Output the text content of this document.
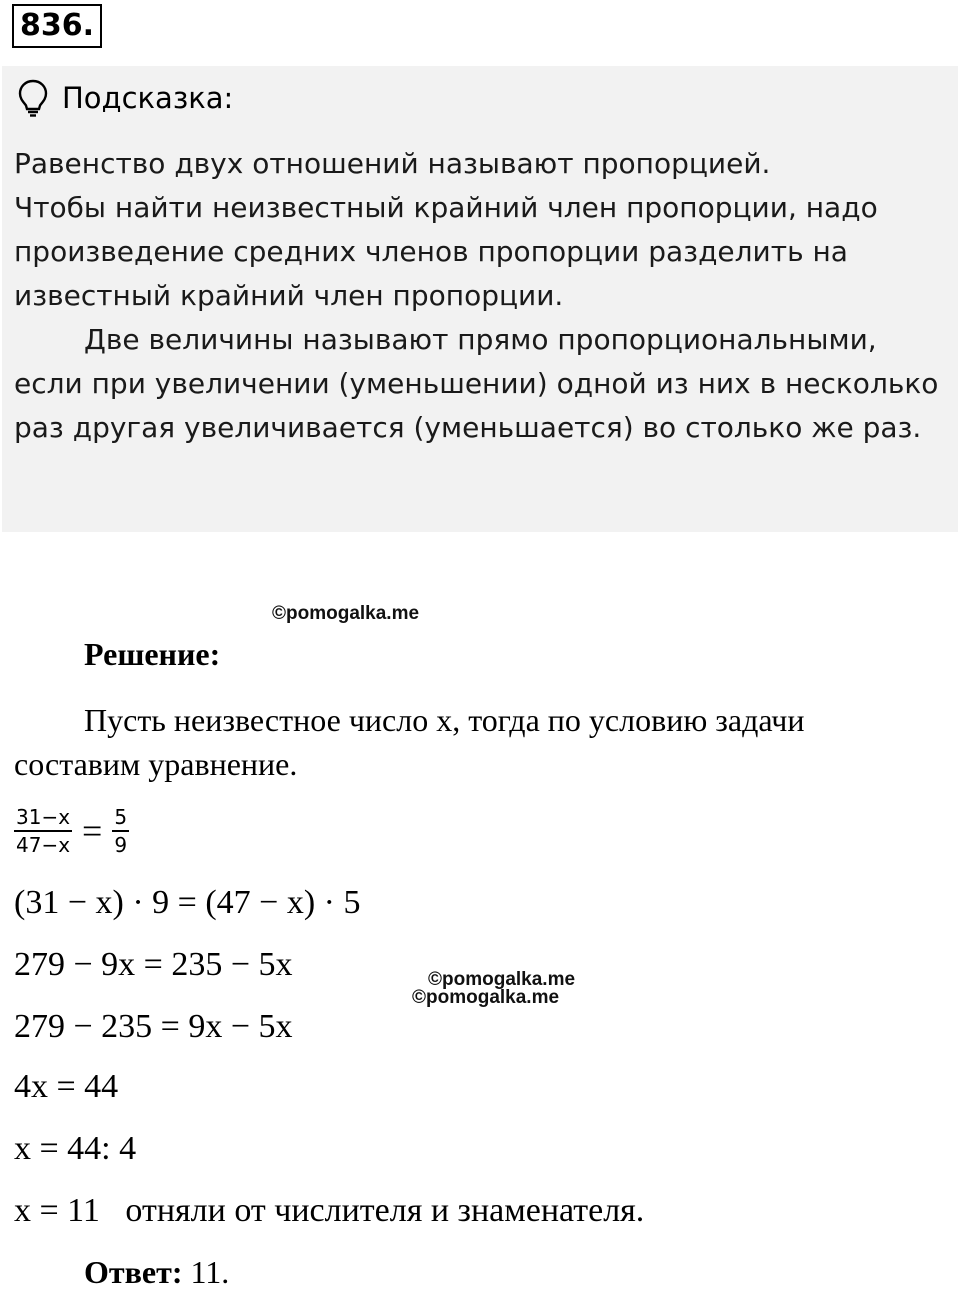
836.
Подсказка:

Равенство двух отношений называют пропорцией.

Чтобы найти неизвестный крайний член пропорции, надо произведение средних членов пропорции разделить на известный крайний член пропорции.

Две величины называют прямо пропорциональными, если при увеличении (уменьшении) одной из них в несколько раз другая увеличивается (уменьшается) во столько же раз.

©pomogalka.me
Решение:
Пусть неизвестное число x, тогда по условию задачи составим уравнение.
$\frac{31-x}{47-x} = \frac{5}{9}$
(31 − x) · 9 = (47 − x) · 5
279 − 9x = 235 − 5x	©pomogalka.me
©pomogalka.me
279 − 235 = 9x − 5x
4x = 44
x = 44: 4
x = 11   отняли от числителя и знаменателя.
Ответ: 11.
